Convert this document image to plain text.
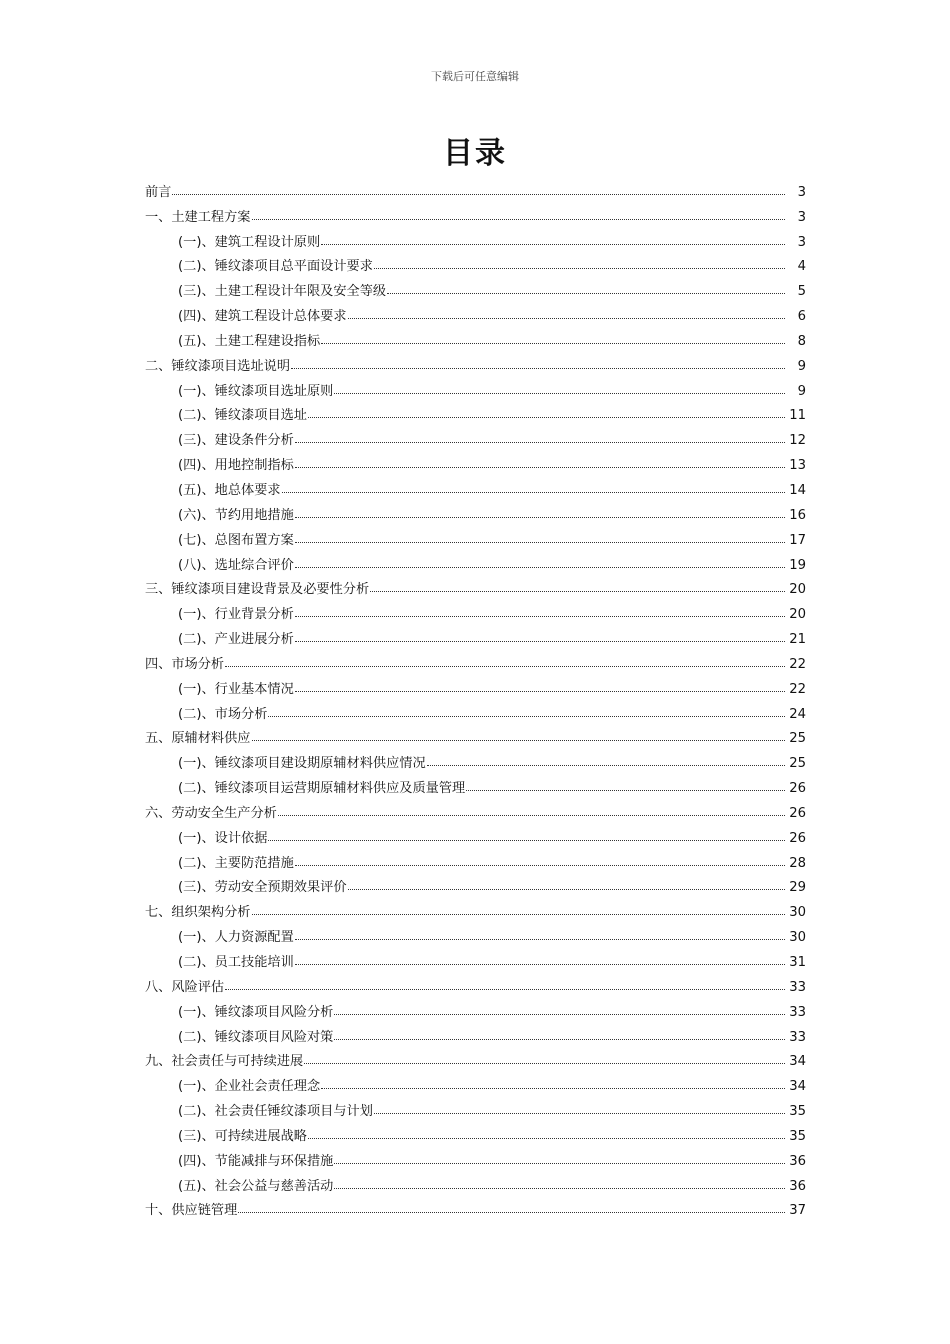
下载后可任意编辑
目录
前言	3
一、土建工程方案	3
(一)、建筑工程设计原则	3
(二)、锤纹漆项目总平面设计要求	4
(三)、土建工程设计年限及安全等级	5
(四)、建筑工程设计总体要求	6
(五)、土建工程建设指标	8
二、锤纹漆项目选址说明	9
(一)、锤纹漆项目选址原则	9
(二)、锤纹漆项目选址	11
(三)、建设条件分析	12
(四)、用地控制指标	13
(五)、地总体要求	14
(六)、节约用地措施	16
(七)、总图布置方案	17
(八)、选址综合评价	19
三、锤纹漆项目建设背景及必要性分析	20
(一)、行业背景分析	20
(二)、产业进展分析	21
四、市场分析	22
(一)、行业基本情况	22
(二)、市场分析	24
五、原辅材料供应	25
(一)、锤纹漆项目建设期原辅材料供应情况	25
(二)、锤纹漆项目运营期原辅材料供应及质量管理	26
六、劳动安全生产分析	26
(一)、设计依据	26
(二)、主要防范措施	28
(三)、劳动安全预期效果评价	29
七、组织架构分析	30
(一)、人力资源配置	30
(二)、员工技能培训	31
八、风险评估	33
(一)、锤纹漆项目风险分析	33
(二)、锤纹漆项目风险对策	33
九、社会责任与可持续进展	34
(一)、企业社会责任理念	34
(二)、社会责任锤纹漆项目与计划	35
(三)、可持续进展战略	35
(四)、节能减排与环保措施	36
(五)、社会公益与慈善活动	36
十、供应链管理	37
